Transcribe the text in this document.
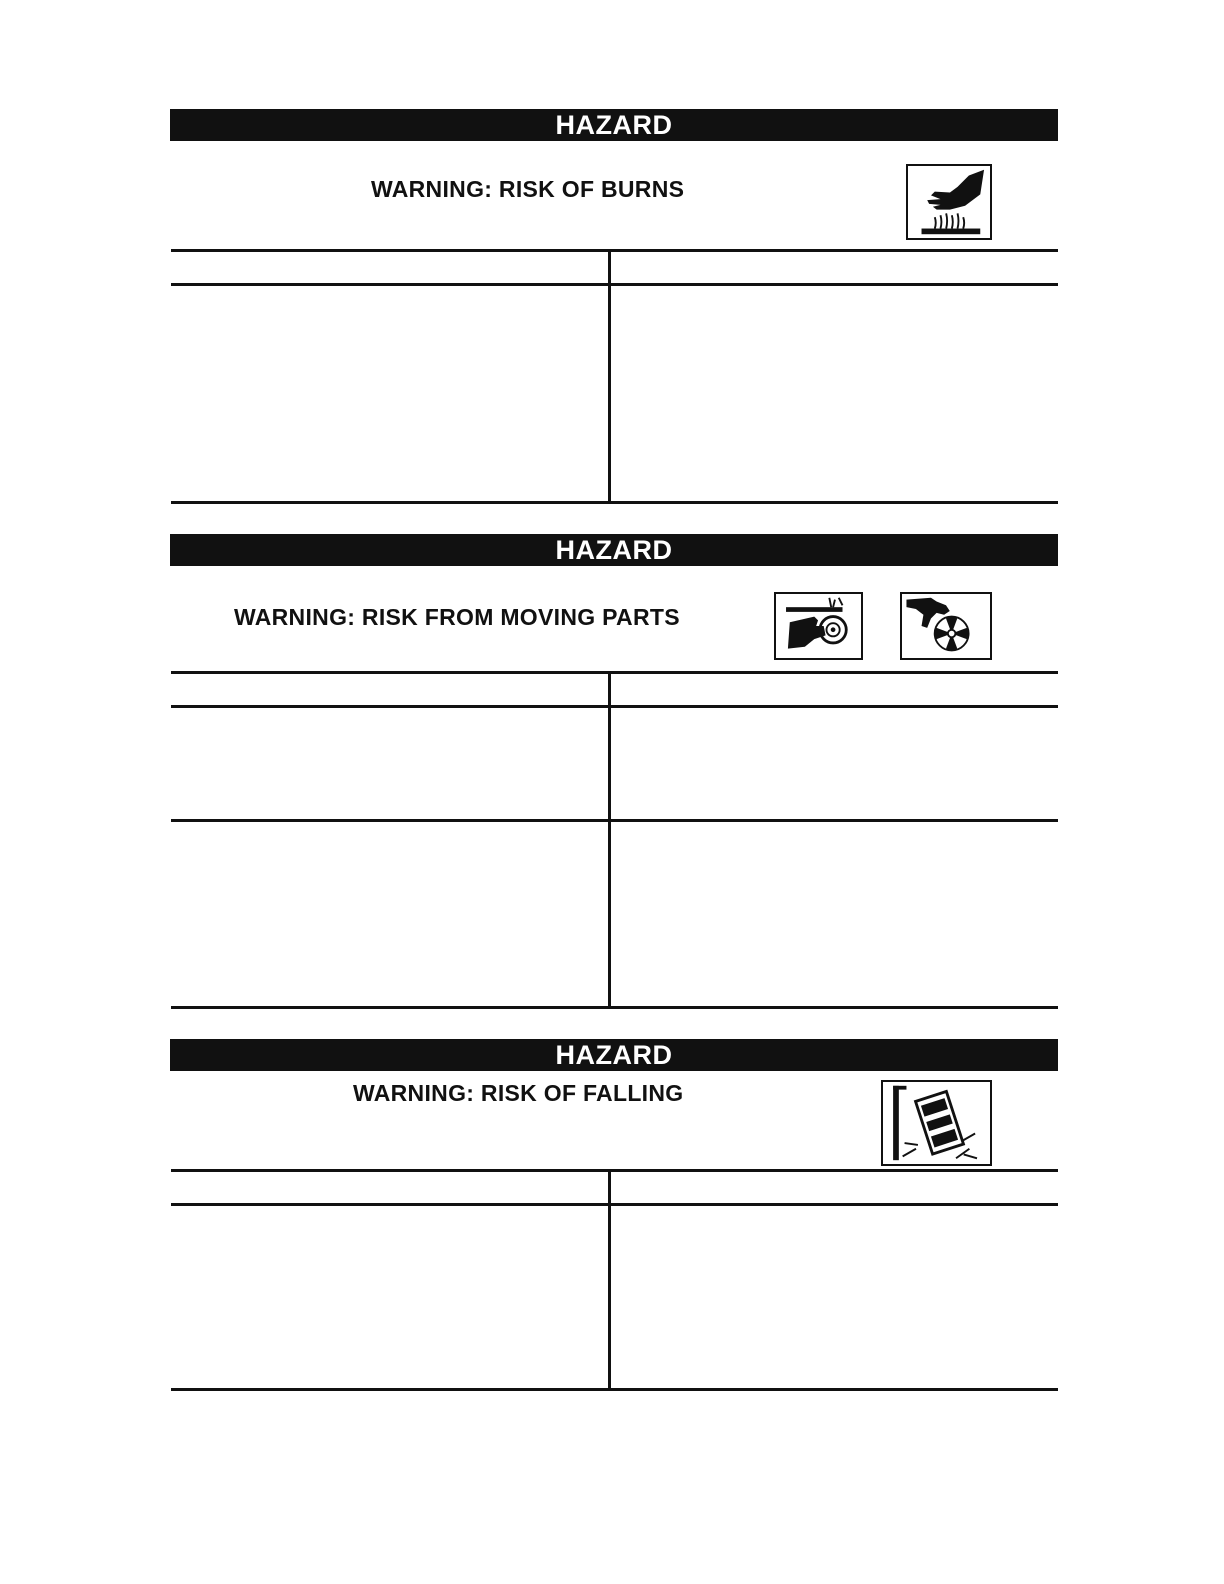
HAZARD
WARNING: RISK OF BURNS
HAZARD
WARNING: RISK FROM MOVING PARTS
HAZARD
WARNING: RISK OF FALLING
